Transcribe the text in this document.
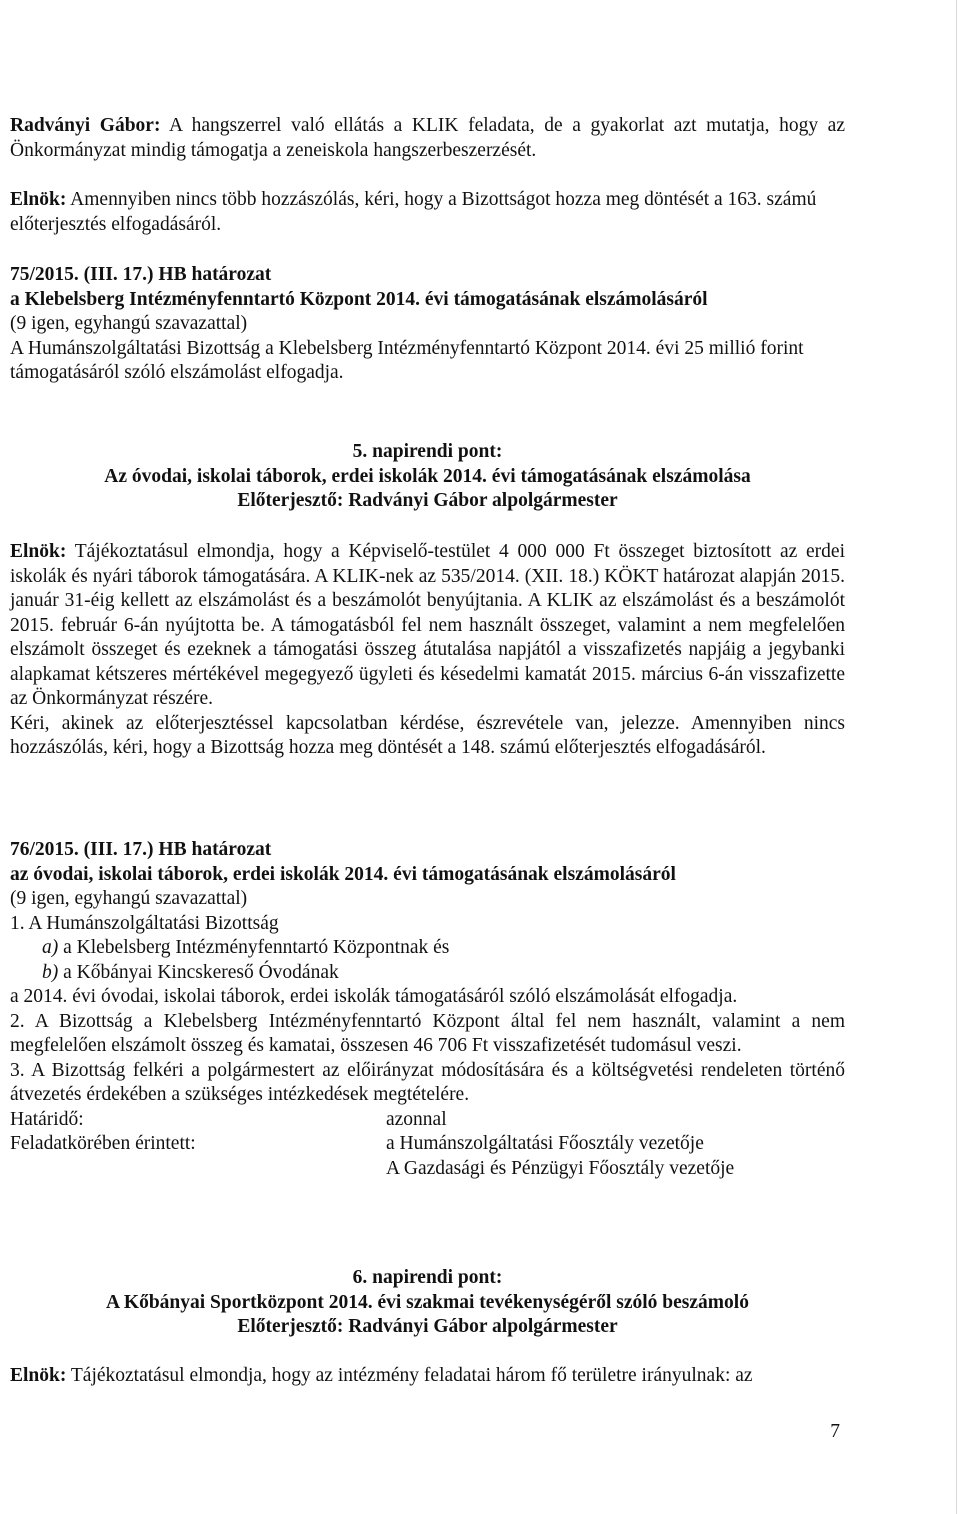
Radványi Gábor: A hangszerrel való ellátás a KLIK feladata, de a gyakorlat azt mutatja, hogy az Önkormányzat mindig támogatja a zeneiskola hangszerbeszerzését.

Elnök: Amennyiben nincs több hozzászólás, kéri, hogy a Bizottságot hozza meg döntését a 163. számú előterjesztés elfogadásáról.

75/2015. (III. 17.) HB határozat

a Klebelsberg Intézményfenntartó Központ 2014. évi támogatásának elszámolásáról

(9 igen, egyhangú szavazattal)

A Humánszolgáltatási Bizottság a Klebelsberg Intézményfenntartó Központ 2014. évi 25 millió forint támogatásáról szóló elszámolást elfogadja.

5. napirendi pont:

Az óvodai, iskolai táborok, erdei iskolák 2014. évi támogatásának elszámolása

Előterjesztő: Radványi Gábor alpolgármester

Elnök: Tájékoztatásul elmondja, hogy a Képviselő-testület 4 000 000 Ft összeget biztosított az erdei iskolák és nyári táborok támogatására. A KLIK-nek az 535/2014. (XII. 18.) KÖKT határozat alapján 2015. január 31-éig kellett az elszámolást és a beszámolót benyújtania. A KLIK az elszámolást és a beszámolót 2015. február 6-án nyújtotta be. A támogatásból fel nem használt összeget, valamint a nem megfelelően elszámolt összeget és ezeknek a támogatási összeg átutalása napjától a visszafizetés napjáig a jegybanki alapkamat kétszeres mértékével megegyező ügyleti és késedelmi kamatát 2015. március 6-án visszafizette az Önkormányzat részére.

Kéri, akinek az előterjesztéssel kapcsolatban kérdése, észrevétele van, jelezze. Amennyiben nincs hozzászólás, kéri, hogy a Bizottság hozza meg döntését a 148. számú előterjesztés elfogadásáról.

76/2015. (III. 17.) HB határozat

az óvodai, iskolai táborok, erdei iskolák 2014. évi támogatásának elszámolásáról

(9 igen, egyhangú szavazattal)

1. A Humánszolgáltatási Bizottság

a) a Klebelsberg Intézményfenntartó Központnak és

b) a Kőbányai Kincskereső Óvodának

a 2014. évi óvodai, iskolai táborok, erdei iskolák támogatásáról szóló elszámolását elfogadja.

2. A Bizottság a Klebelsberg Intézményfenntartó Központ által fel nem használt, valamint a nem megfelelően elszámolt összeg és kamatai, összesen 46 706 Ft visszafizetését tudomásul veszi.

3. A Bizottság felkéri a polgármestert az előirányzat módosítására és a költségvetési rendeleten történő átvezetés érdekében a szükséges intézkedések megtételére.

Határidő:	azonnal
Feladatkörében érintett:	a Humánszolgáltatási Főosztály vezetője
A Gazdasági és Pénzügyi Főosztály vezetője

6. napirendi pont:

A Kőbányai Sportközpont 2014. évi szakmai tevékenységéről szóló beszámoló

Előterjesztő: Radványi Gábor alpolgármester

Elnök: Tájékoztatásul elmondja, hogy az intézmény feladatai három fő területre irányulnak: az

7
